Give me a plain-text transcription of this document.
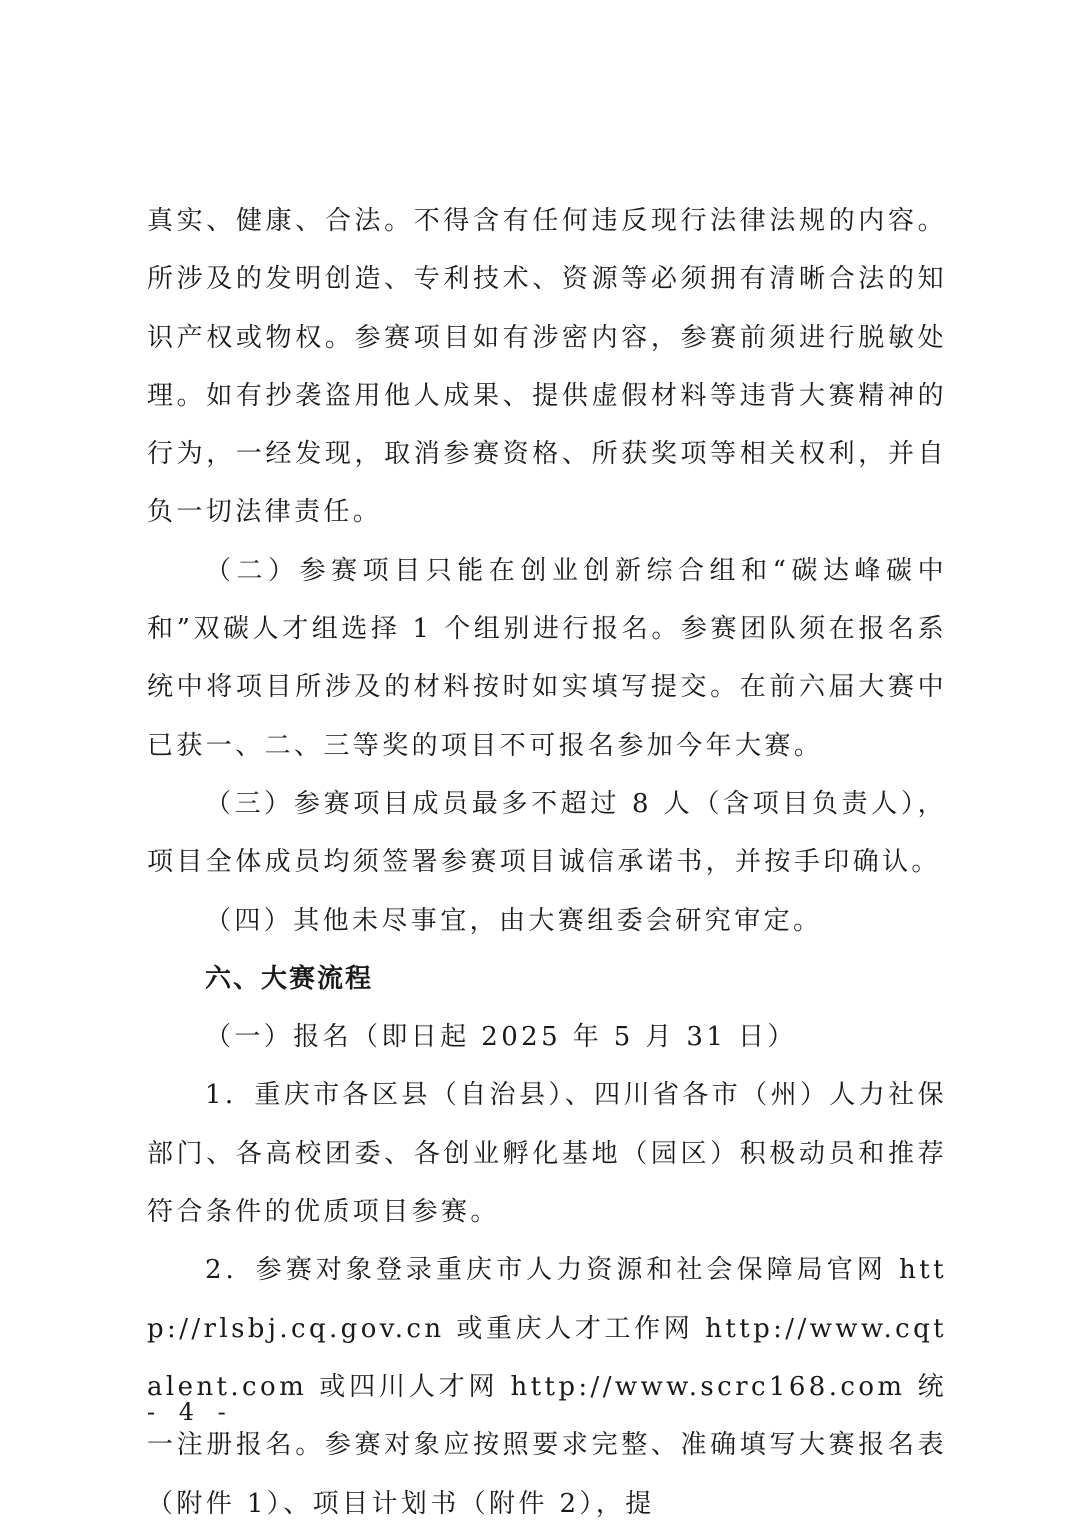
真实、健康、合法。不得含有任何违反现行法律法规的内容。所涉及的发明创造、专利技术、资源等必须拥有清晰合法的知识产权或物权。参赛项目如有涉密内容，参赛前须进行脱敏处理。如有抄袭盗用他人成果、提供虚假材料等违背大赛精神的行为，一经发现，取消参赛资格、所获奖项等相关权利，并自负一切法律责任。

（二）参赛项目只能在创业创新综合组和“碳达峰碳中和”双碳人才组选择 1 个组别进行报名。参赛团队须在报名系统中将项目所涉及的材料按时如实填写提交。在前六届大赛中已获一、二、三等奖的项目不可报名参加今年大赛。

（三）参赛项目成员最多不超过 8 人（含项目负责人），项目全体成员均须签署参赛项目诚信承诺书，并按手印确认。

（四）其他未尽事宜，由大赛组委会研究审定。

六、大赛流程

（一）报名（即日起 2025 年 5 月 31 日）

1．重庆市各区县（自治县）、四川省各市（州）人力社保部门、各高校团委、各创业孵化基地（园区）积极动员和推荐符合条件的优质项目参赛。

2．参赛对象登录重庆市人力资源和社会保障局官网 http://rlsbj.cq.gov.cn 或重庆人才工作网 http://www.cqtalent.com 或四川人才网 http://www.scrc168.com 统一注册报名。参赛对象应按照要求完整、准确填写大赛报名表（附件 1）、项目计划书（附件 2），提

- 4 -
